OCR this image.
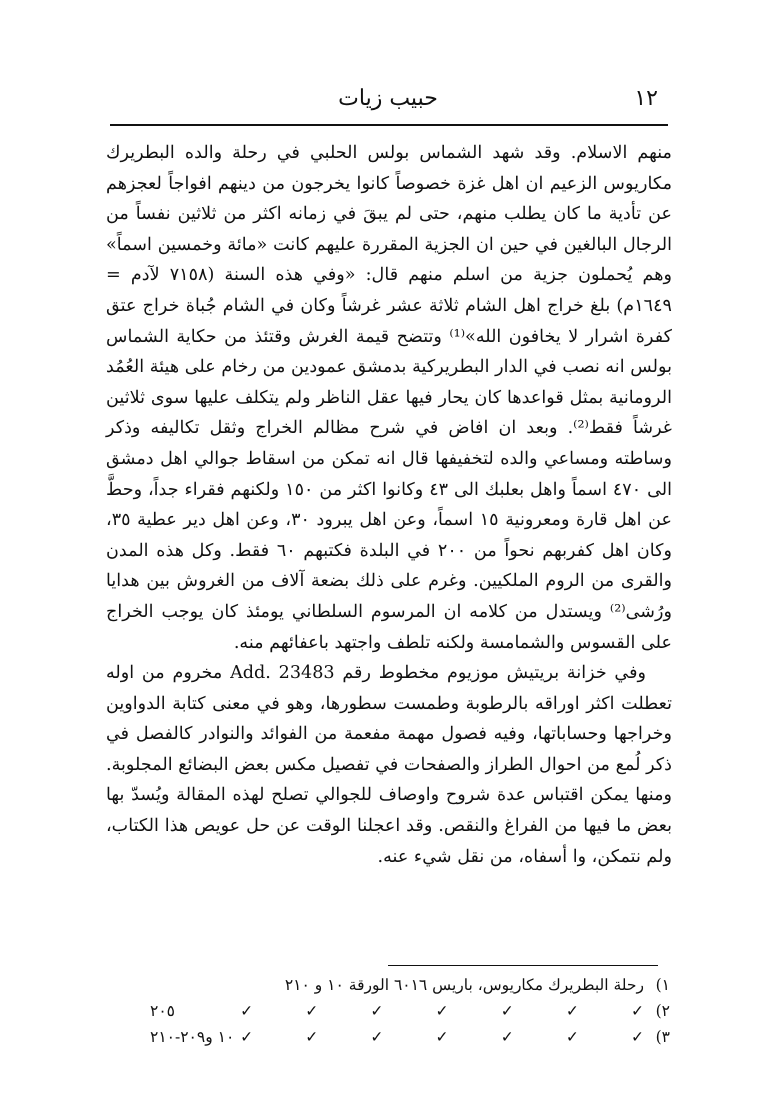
١٢
حبيب زيات

منهم الاسلام. وقد شهد الشماس بولس الحلبي في رحلة والده البطريرك مكاريوس الزعيم ان اهل غزة خصوصاً كانوا يخرجون من دينهم افواجاً لعجزهم عن تأدية ما كان يطلب منهم، حتى لم يبقَ في زمانه اكثر من ثلاثين نفساً من الرجال البالغين في حين ان الجزية المقررة عليهم كانت «مائة وخمسين اسماً» وهم يُحملون جزية من اسلم منهم قال: «وفي هذه السنة (٧١٥٨ لآدم = ١٦٤٩م) بلغ خراج اهل الشام ثلاثة عشر غرشاً وكان في الشام جُباة خراج عتق كفرة اشرار لا يخافون الله»⁽¹⁾ وتتضح قيمة الغرش وقتئذ من حكاية الشماس بولس انه نصب في الدار البطريركية بدمشق عمودين من رخام على هيئة العُمُد الرومانية بمثل قواعدها كان يحار فيها عقل الناظر ولم يتكلف عليها سوى ثلاثين غرشاً فقط⁽²⁾. وبعد ان افاض في شرح مظالم الخراج وثقل تكاليفه وذكر وساطته ومساعي والده لتخفيفها قال انه تمكن من اسقاط جوالي اهل دمشق الى ٤٧٠ اسماً واهل بعلبك الى ٤٣ وكانوا اكثر من ١٥٠ ولكنهم فقراء جداً، وحطَّ عن اهل قارة ومعرونية ١٥ اسماً، وعن اهل يبرود ٣٠، وعن اهل دير عطية ٣٥، وكان اهل كفربهم نحواً من ٢٠٠ في البلدة فكتبهم ٦٠ فقط. وكل هذه المدن والقرى من الروم الملكيين. وغرم على ذلك بضعة آلاف من الغروش بين هدايا ورُشى⁽²⁾ ويستدل من كلامه ان المرسوم السلطاني يومئذ كان يوجب الخراج على القسوس والشمامسة ولكنه تلطف واجتهد باعفائهم منه.

وفي خزانة بريتيش موزيوم مخطوط رقم Add. 23483 مخروم من اوله تعطلت اكثر اوراقه بالرطوبة وطمست سطورها، وهو في معنى كتابة الدواوين وخراجها وحساباتها، وفيه فصول مهمة مفعمة من الفوائد والنوادر كالفصل في ذكر لُمع من احوال الطراز والصفحات في تفصيل مكس بعض البضائع المجلوبة. ومنها يمكن اقتباس عدة شروح واوصاف للجوالي تصلح لهذه المقالة ويُسدّ بها بعض ما فيها من الفراغ والنقص. وقد اعجلنا الوقت عن حل عويص هذا الكتاب، ولم نتمكن، وا أسفاه، من نقل شيء عنه.

١)
رحلة البطريرك مكاريوس، باريس ٦٠١٦ الورقة ١٠ و ٢١٠
٢)
✓
✓
✓
✓
✓
✓
✓
٢٠٥
٣)
✓
✓
✓
✓
✓
✓
✓
١٠ و٢٠٩-٢١٠
